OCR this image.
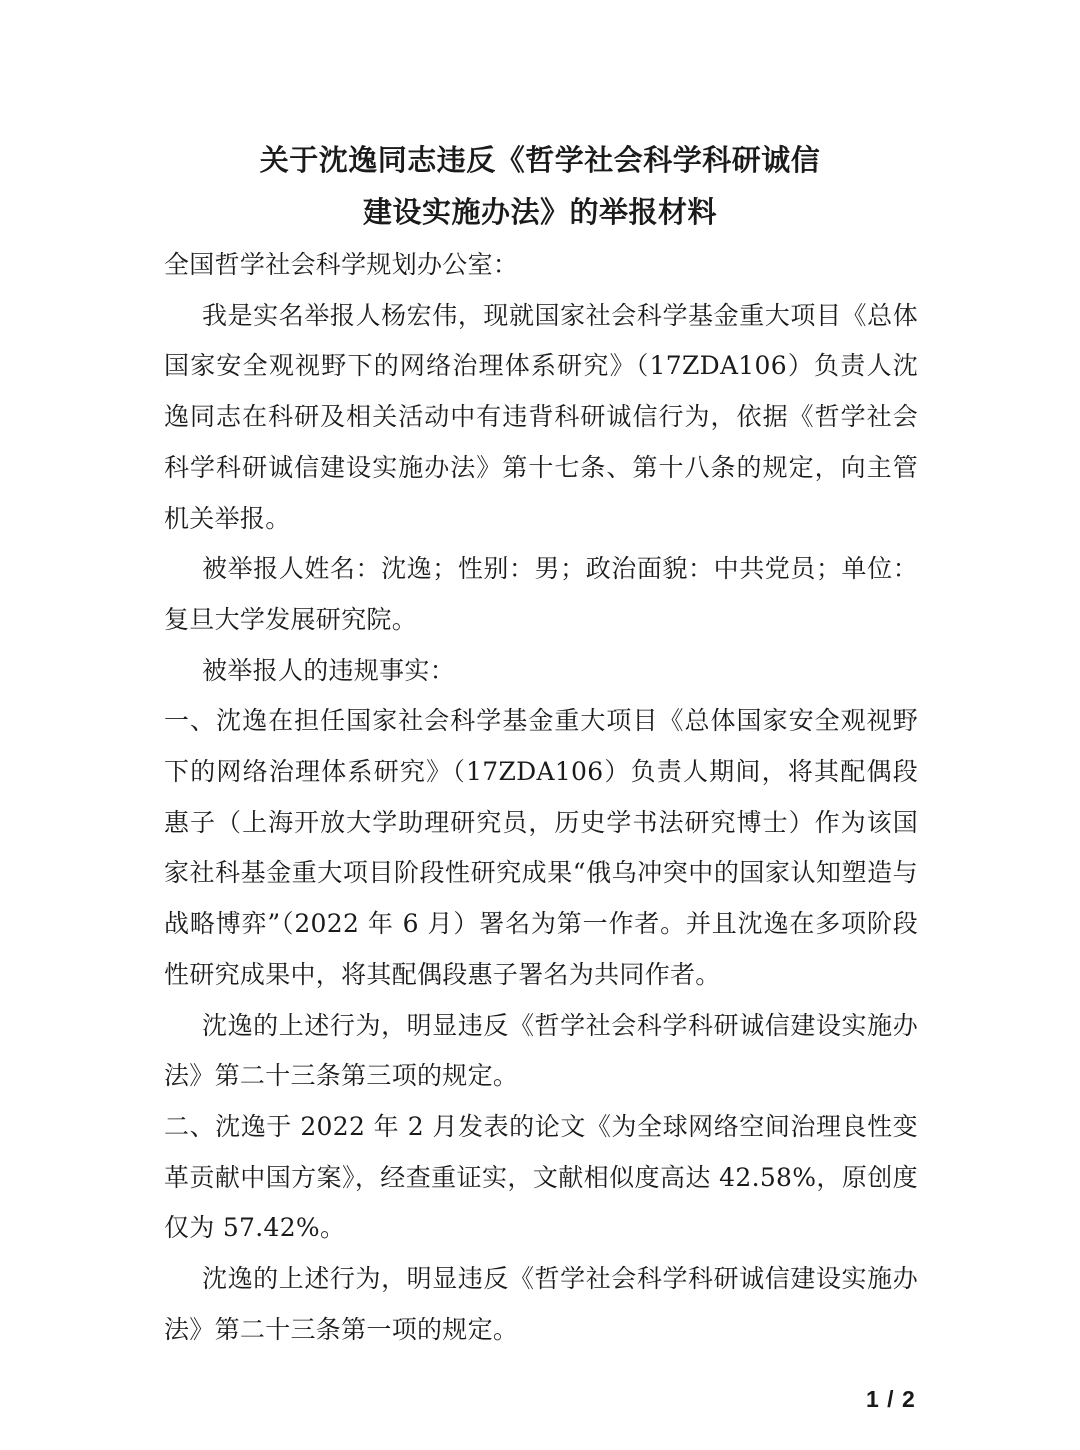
关于沈逸同志违反《哲学社会科学科研诚信
建设实施办法》的举报材料

全国哲学社会科学规划办公室：

我是实名举报人杨宏伟，现就国家社会科学基金重大项目《总体国家安全观视野下的网络治理体系研究》（17ZDA106）负责人沈逸同志在科研及相关活动中有违背科研诚信行为，依据《哲学社会科学科研诚信建设实施办法》第十七条、第十八条的规定，向主管机关举报。

被举报人姓名：沈逸；性别：男；政治面貌：中共党员；单位：复旦大学发展研究院。

被举报人的违规事实：

一、沈逸在担任国家社会科学基金重大项目《总体国家安全观视野下的网络治理体系研究》（17ZDA106）负责人期间，将其配偶段惠子（上海开放大学助理研究员，历史学书法研究博士）作为该国家社科基金重大项目阶段性研究成果“俄乌冲突中的国家认知塑造与战略博弈”（2022 年 6 月）署名为第一作者。并且沈逸在多项阶段性研究成果中，将其配偶段惠子署名为共同作者。

沈逸的上述行为，明显违反《哲学社会科学科研诚信建设实施办法》第二十三条第三项的规定。

二、沈逸于 2022 年 2 月发表的论文《为全球网络空间治理良性变革贡献中国方案》，经查重证实，文献相似度高达 42.58%，原创度仅为 57.42%。

沈逸的上述行为，明显违反《哲学社会科学科研诚信建设实施办法》第二十三条第一项的规定。

1 / 2
